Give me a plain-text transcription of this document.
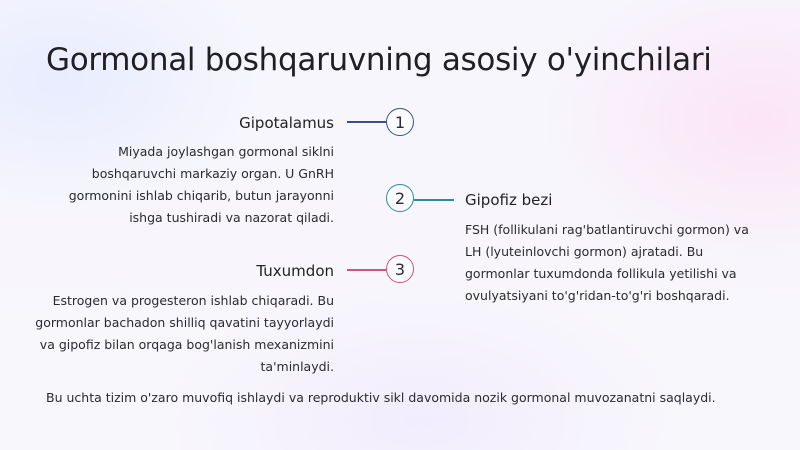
Gormonal boshqaruvning asosiy o'yinchilari
Gipotalamus	1
Miyada joylashgan gormonal siklni
boshqaruvchi markaziy organ. U GnRH
gormonini ishlab chiqarib, butun jarayonni
ishga tushiradi va nazorat qiladi.
2	Gipofiz bezi
FSH (follikulani rag'batlantiruvchi gormon) va
LH (lyuteinlovchi gormon) ajratadi. Bu
gormonlar tuxumdonda follikula yetilishi va
ovulyatsiyani to'g'ridan-to'g'ri boshqaradi.
Tuxumdon	3
Estrogen va progesteron ishlab chiqaradi. Bu
gormonlar bachadon shilliq qavatini tayyorlaydi
va gipofiz bilan orqaga bog'lanish mexanizmini
ta'minlaydi.
Bu uchta tizim o'zaro muvofiq ishlaydi va reproduktiv sikl davomida nozik gormonal muvozanatni saqlaydi.
